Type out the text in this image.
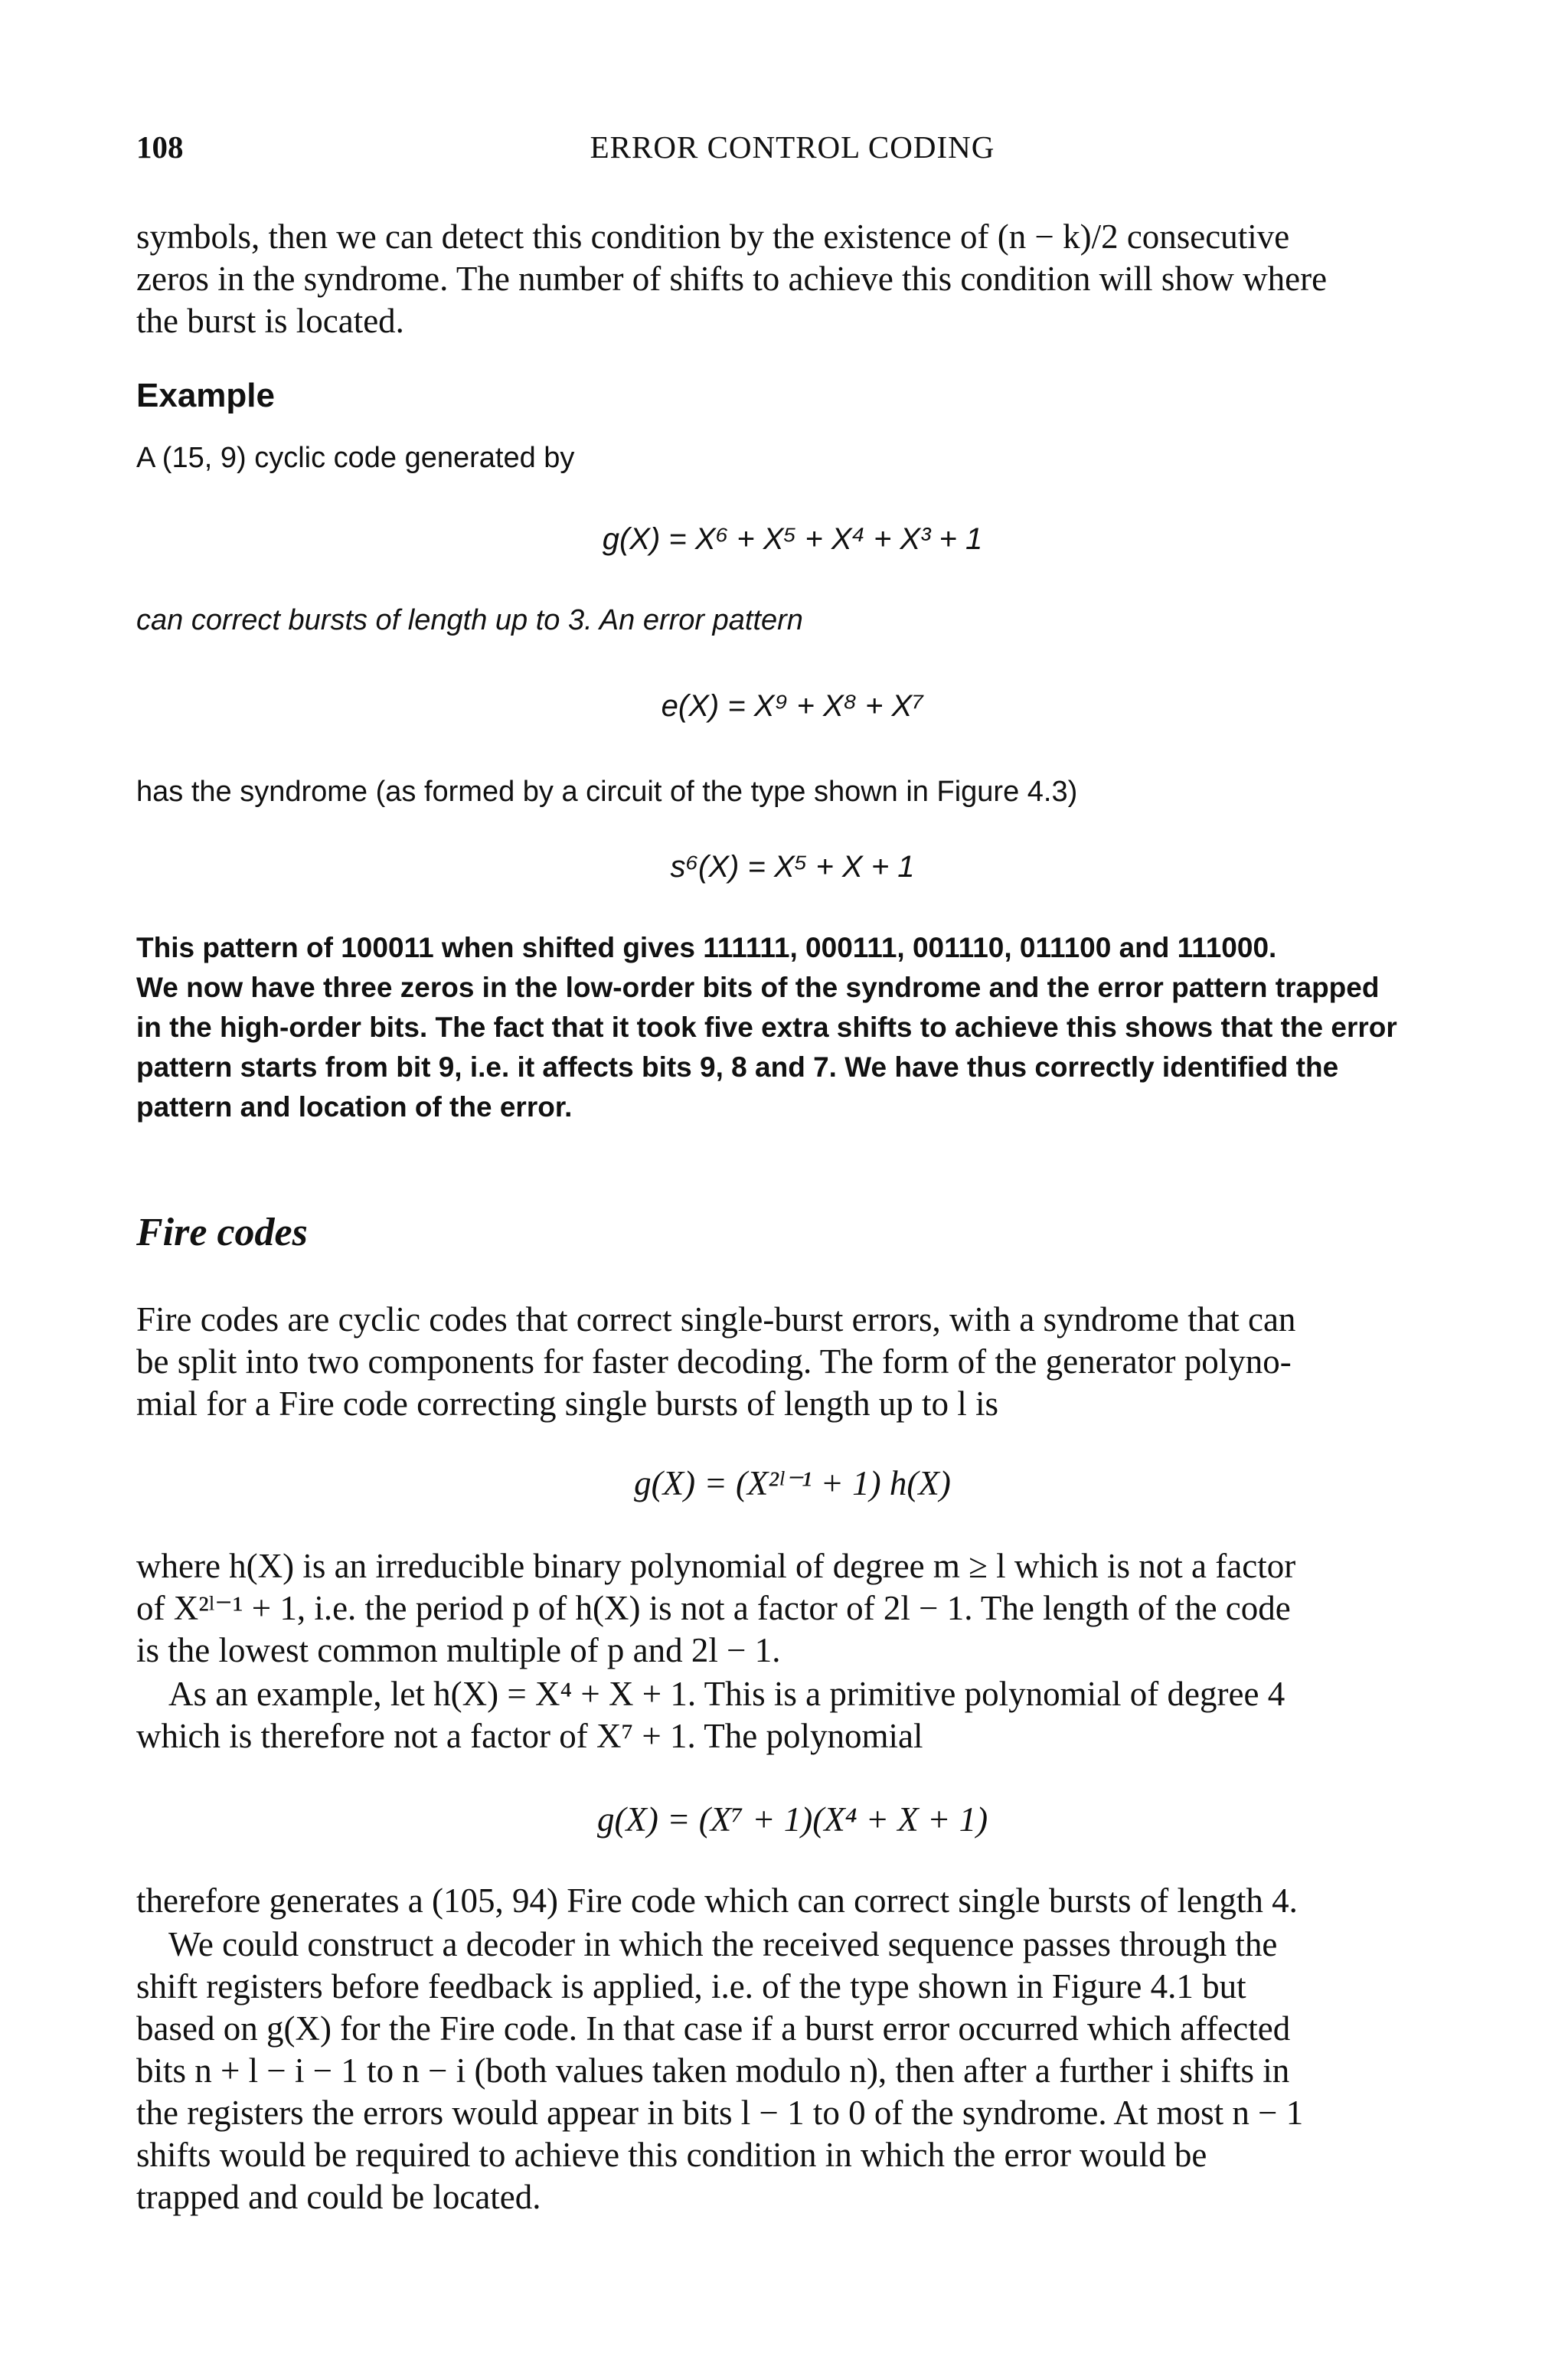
108	ERROR CONTROL CODING
symbols, then we can detect this condition by the existence of (n − k)/2 consecutive
zeros in the syndrome. The number of shifts to achieve this condition will show where
the burst is located.
Example
A (15, 9) cyclic code generated by
g(X) = X⁶ + X⁵ + X⁴ + X³ + 1
can correct bursts of length up to 3. An error pattern
e(X) = X⁹ + X⁸ + X⁷
has the syndrome (as formed by a circuit of the type shown in Figure 4.3)
s⁶(X) = X⁵ + X + 1
This pattern of 100011 when shifted gives 111111, 000111, 001110, 011100 and 111000.
We now have three zeros in the low-order bits of the syndrome and the error pattern trapped
in the high-order bits. The fact that it took five extra shifts to achieve this shows that the error
pattern starts from bit 9, i.e. it affects bits 9, 8 and 7. We have thus correctly identified the
pattern and location of the error.
Fire codes
Fire codes are cyclic codes that correct single-burst errors, with a syndrome that can
be split into two components for faster decoding. The form of the generator polyno-
mial for a Fire code correcting single bursts of length up to l is
g(X) = (X²ˡ⁻¹ + 1) h(X)
where h(X) is an irreducible binary polynomial of degree m ≥ l which is not a factor
of X²ˡ⁻¹ + 1, i.e. the period p of h(X) is not a factor of 2l − 1. The length of the code
is the lowest common multiple of p and 2l − 1.
As an example, let h(X) = X⁴ + X + 1. This is a primitive polynomial of degree 4
which is therefore not a factor of X⁷ + 1. The polynomial
g(X) = (X⁷ + 1)(X⁴ + X + 1)
therefore generates a (105, 94) Fire code which can correct single bursts of length 4.
We could construct a decoder in which the received sequence passes through the
shift registers before feedback is applied, i.e. of the type shown in Figure 4.1 but
based on g(X) for the Fire code. In that case if a burst error occurred which affected
bits n + l − i − 1 to n − i (both values taken modulo n), then after a further i shifts in
the registers the errors would appear in bits l − 1 to 0 of the syndrome. At most n − 1
shifts would be required to achieve this condition in which the error would be
trapped and could be located.
